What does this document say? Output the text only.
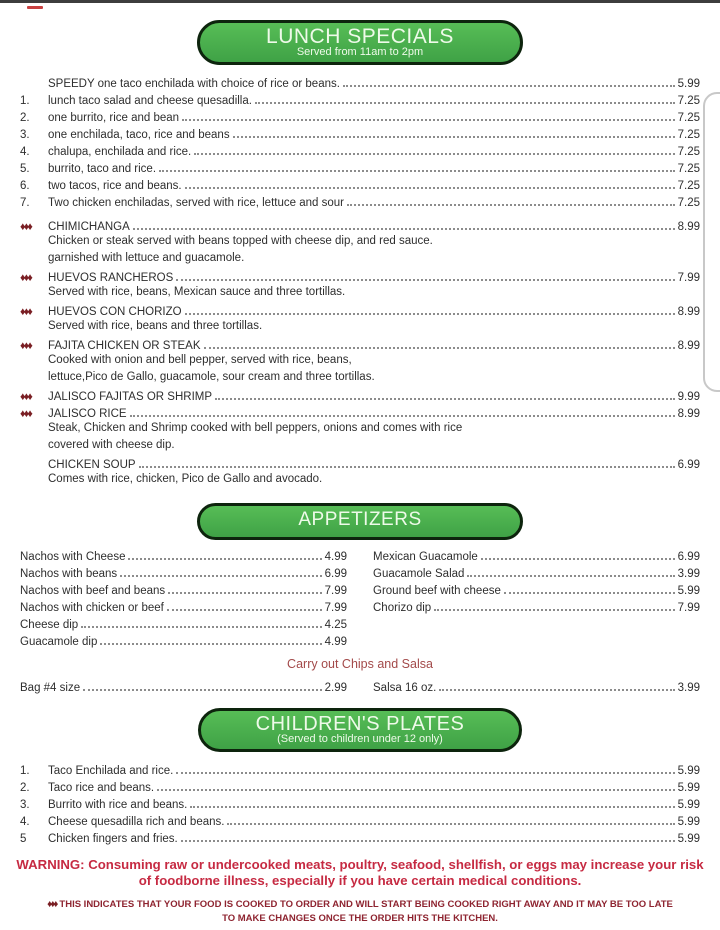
LUNCH SPECIALS
Served from 11am to 2pm
SPEEDY one taco enchilada with choice of rice or beans.	5.99
1.	lunch taco salad and cheese quesadilla.	7.25
2.	one burrito, rice and bean	7.25
3.	one enchilada, taco, rice and beans	7.25
4.	chalupa, enchilada and rice.	7.25
5.	burrito, taco and rice.	7.25
6.	two tacos, rice and beans.	7.25
7.	Two chicken enchiladas, served with rice, lettuce and sour	7.25
♦♦♦	CHIMICHANGA	8.99
Chicken or steak served with beans topped with cheese dip, and red sauce.
garnished with lettuce and guacamole.
♦♦♦	HUEVOS RANCHEROS	7.99
Served with rice, beans, Mexican sauce and three tortillas.
♦♦♦	HUEVOS CON CHORIZO	8.99
Served with rice, beans and three tortillas.
♦♦♦	FAJITA CHICKEN OR STEAK	8.99
Cooked with onion and bell pepper, served with rice, beans,
lettuce,Pico de Gallo, guacamole, sour cream and three tortillas.
♦♦♦	JALISCO FAJITAS OR SHRIMP	9.99
♦♦♦	JALISCO RICE	8.99
Steak, Chicken and Shrimp cooked with bell peppers, onions and comes with rice
covered with cheese dip.
CHICKEN SOUP	6.99
Comes with rice, chicken, Pico de Gallo and avocado.
APPETIZERS
Nachos with Cheese	4.99
Nachos with beans	6.99
Nachos with beef and beans	7.99
Nachos with chicken or beef	7.99
Cheese dip	4.25
Guacamole dip	4.99
Mexican Guacamole	6.99
Guacamole Salad	3.99
Ground beef with cheese	5.99
Chorizo dip	7.99
Carry out Chips and Salsa
Bag #4 size	2.99 Salsa 16 oz.	3.99
CHILDREN'S PLATES
(Served to children under 12 only)
1.	Taco Enchilada and rice.	5.99
2.	Taco rice and beans.	5.99
3.	Burrito with rice and beans.	5.99
4.	Cheese quesadilla rich and beans.	5.99
5	Chicken fingers and fries.	5.99
WARNING: Consuming raw or undercooked meats, poultry, seafood, shellfish, or eggs may increase your risk of foodborne illness, especially if you have certain medical conditions.
♦♦♦ THIS INDICATES THAT YOUR FOOD IS COOKED TO ORDER AND WILL START BEING COOKED RIGHT AWAY AND IT MAY BE TOO LATE TO MAKE CHANGES ONCE THE ORDER HITS THE KITCHEN.
